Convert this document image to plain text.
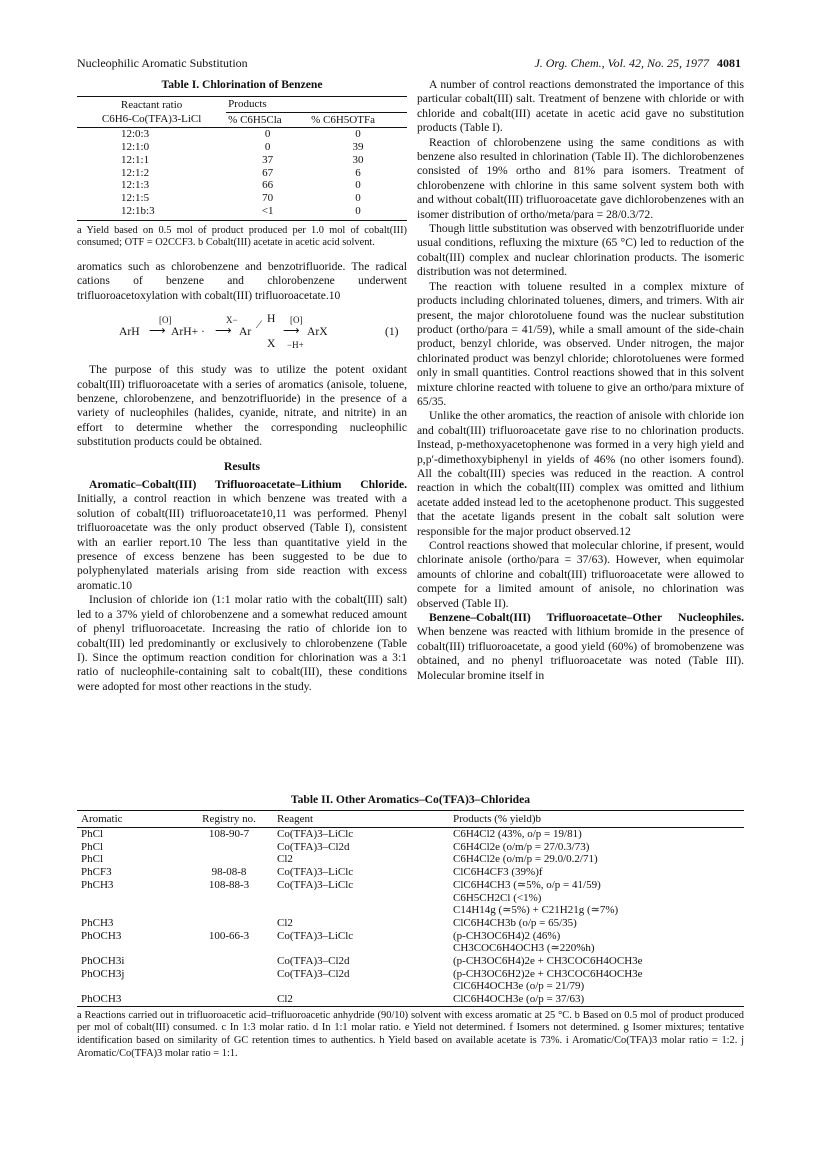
Nucleophilic Aromatic Substitution	J. Org. Chem., Vol. 42, No. 25, 1977 4081
Table I. Chlorination of Benzene
Reactant ratio
C6H6-Co(TFA)3-LiCl	Products	
	% C6H5Cla	% C6H5OTFa
12:0:3	0	0
12:1:0	0	39
12:1:1	37	30
12:1:2	67	6
12:1:3	66	0
12:1:5	70	0
12:1b:3	<1	0
a Yield based on 0.5 mol of product produced per 1.0 mol of cobalt(III) consumed; OTF = O2CCF3. b Cobalt(III) acetate in acetic acid solvent.

aromatics such as chlorobenzene and benzotrifluoride. The radical cations of benzene and chlorobenzene underwent trifluoroacetoxylation with cobalt(III) trifluoroacetate.10

ArH
[O]
⟶ ArH+ ·
X−
⟶ Ar
⁄ H
X
[O]
⟶
−H+
ArX	(1)

The purpose of this study was to utilize the potent oxidant cobalt(III) trifluoroacetate with a series of aromatics (anisole, toluene, benzene, chlorobenzene, and benzotrifluoride) in the presence of a variety of nucleophiles (halides, cyanide, nitrate, and nitrite) in an effort to determine whether the corresponding nucleophilic substitution products could be obtained.

Results

Aromatic–Cobalt(III) Trifluoroacetate–Lithium Chloride. Initially, a control reaction in which benzene was treated with a solution of cobalt(III) trifluoroacetate10,11 was performed. Phenyl trifluoroacetate was the only product observed (Table I), consistent with an earlier report.10 The less than quantitative yield in the presence of excess benzene has been suggested to be due to polyphenylated materials arising from side reaction with excess aromatic.10

Inclusion of chloride ion (1:1 molar ratio with the cobalt(III) salt) led to a 37% yield of chlorobenzene and a somewhat reduced amount of phenyl trifluoroacetate. Increasing the ratio of chloride ion to cobalt(III) led predominantly or exclusively to chlorobenzene (Table I). Since the optimum reaction condition for chlorination was a 3:1 ratio of nucleophile-containing salt to cobalt(III), these conditions were adopted for most other reactions in the study.

A number of control reactions demonstrated the importance of this particular cobalt(III) salt. Treatment of benzene with chloride or with chloride and cobalt(III) acetate in acetic acid gave no substitution products (Table I).

Reaction of chlorobenzene using the same conditions as with benzene also resulted in chlorination (Table II). The dichlorobenzenes consisted of 19% ortho and 81% para isomers. Treatment of chlorobenzene with chlorine in this same solvent system both with and without cobalt(III) trifluoroacetate gave dichlorobenzenes with an isomer distribution of ortho/meta/para = 28/0.3/72.

Though little substitution was observed with benzotrifluoride under usual conditions, refluxing the mixture (65 °C) led to reduction of the cobalt(III) complex and nuclear chlorination products. The isomeric distribution was not determined.

The reaction with toluene resulted in a complex mixture of products including chlorinated toluenes, dimers, and trimers. With air present, the major chlorotoluene found was the nuclear substitution product (ortho/para = 41/59), while a small amount of the side-chain product, benzyl chloride, was observed. Under nitrogen, the major chlorinated product was benzyl chloride; chlorotoluenes were formed only in small quantities. Control reactions showed that in this solvent mixture chlorine reacted with toluene to give an ortho/para mixture of 65/35.

Unlike the other aromatics, the reaction of anisole with chloride ion and cobalt(III) trifluoroacetate gave rise to no chlorination products. Instead, p-methoxyacetophenone was formed in a very high yield and p,p′-dimethoxybiphenyl in yields of 46% (no other isomers found). All the cobalt(III) species was reduced in the reaction. A control reaction in which the cobalt(III) complex was omitted and lithium acetate added instead led to the acetophenone product. This suggested that the acetate ligands present in the cobalt salt solution were responsible for the major product observed.12

Control reactions showed that molecular chlorine, if present, would chlorinate anisole (ortho/para = 37/63). However, when equimolar amounts of chlorine and cobalt(III) trifluoroacetate were allowed to compete for a limited amount of anisole, no chlorination was observed (Table II).

Benzene–Cobalt(III) Trifluoroacetate–Other Nucleophiles. When benzene was reacted with lithium bromide in the presence of cobalt(III) trifluoroacetate, a good yield (60%) of bromobenzene was obtained, and no phenyl trifluoroacetate was noted (Table III). Molecular bromine itself in

Table II. Other Aromatics–Co(TFA)3–Chloridea
Aromatic	Registry no.	Reagent	Products (% yield)b
PhCl	108-90-7	Co(TFA)3–LiClc	C6H4Cl2 (43%, o/p = 19/81)
PhCl		Co(TFA)3–Cl2d	C6H4Cl2e (o/m/p = 27/0.3/73)
PhCl		Cl2	C6H4Cl2e (o/m/p = 29.0/0.2/71)
PhCF3	98-08-8	Co(TFA)3–LiClc	ClC6H4CF3 (39%)f
PhCH3	108-88-3	Co(TFA)3–LiClc	ClC6H4CH3 (≃5%, o/p = 41/59)
			C6H5CH2Cl (<1%)
			C14H14g (≃5%) + C21H21g (≃7%)
PhCH3		Cl2	ClC6H4CH3b (o/p = 65/35)
PhOCH3	100-66-3	Co(TFA)3–LiClc	(p-CH3OC6H4)2 (46%)
			CH3COC6H4OCH3 (≃220%h)
PhOCH3i		Co(TFA)3–Cl2d	(p-CH3OC6H4)2e + CH3COC6H4OCH3e
PhOCH3j		Co(TFA)3–Cl2d	(p-CH3OC6H2)2e + CH3COC6H4OCH3e
			ClC6H4OCH3e (o/p = 21/79)
PhOCH3		Cl2	ClC6H4OCH3e (o/p = 37/63)
a Reactions carried out in trifluoroacetic acid–trifluoroacetic anhydride (90/10) solvent with excess aromatic at 25 °C. b Based on 0.5 mol of product produced per mol of cobalt(III) consumed. c In 1:3 molar ratio. d In 1:1 molar ratio. e Yield not determined. f Isomers not determined. g Isomer mixtures; tentative identification based on similarity of GC retention times to authentics. h Yield based on available acetate is 73%. i Aromatic/Co(TFA)3 molar ratio = 1:2. j Aromatic/Co(TFA)3 molar ratio = 1:1.
